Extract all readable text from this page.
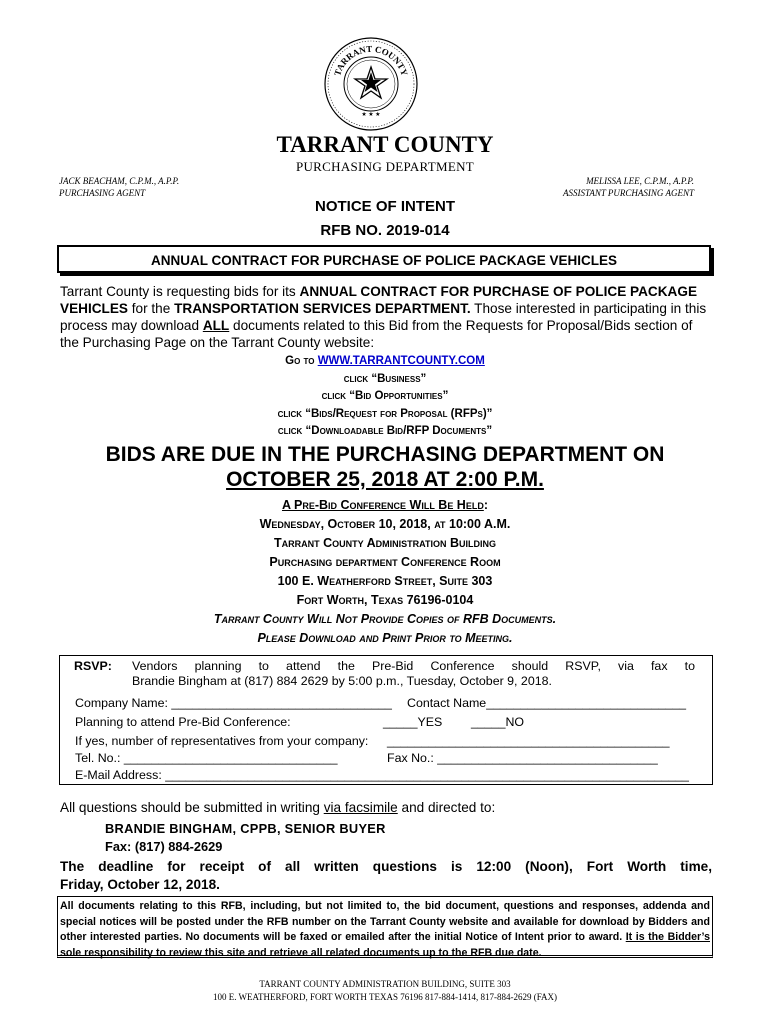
TARRANT COUNTY
★ ★ ★
TARRANT COUNTY
PURCHASING DEPARTMENT
JACK BEACHAM, C.P.M., A.P.P.
PURCHASING AGENT
MELISSA LEE, C.P.M., A.P.P.
ASSISTANT PURCHASING AGENT
NOTICE OF INTENT
RFB NO. 2019-014
ANNUAL CONTRACT FOR PURCHASE OF POLICE PACKAGE VEHICLES
Tarrant County is requesting bids for its ANNUAL CONTRACT FOR PURCHASE OF POLICE PACKAGE VEHICLES for the TRANSPORTATION SERVICES DEPARTMENT. Those interested in participating in this process may download ALL documents related to this Bid from the Requests for Proposal/Bids section of the Purchasing Page on the Tarrant County website:
Go to WWW.TARRANTCOUNTY.COM
click “Business”
click “Bid Opportunities”
click “Bids/Request for Proposal (RFPs)”
click “Downloadable Bid/RFP Documents”
BIDS ARE DUE IN THE PURCHASING DEPARTMENT ON
OCTOBER 25, 2018 AT 2:00 P.M.
A Pre-Bid Conference Will Be Held:
Wednesday, October 10, 2018, at 10:00 A.M.
Tarrant County Administration Building
Purchasing department Conference Room
100 E. Weatherford Street, Suite 303
Fort Worth, Texas 76196-0104
Tarrant County Will Not Provide Copies of RFB Documents.
Please Download and Print Prior to Meeting.
RSVP: Vendors planning to attend the Pre-Bid Conference should RSVP, via fax to
Brandie Bingham at (817) 884 2629 by 5:00 p.m., Tuesday, October 9, 2018.
Company Name: ________________________________ Contact Name_____________________________
Planning to attend Pre-Bid Conference:	_____YES _____NO
If yes, number of representatives from your company: _________________________________________
Tel. No.: _______________________________	Fax No.: ________________________________
E-Mail Address: ____________________________________________________________________________
All questions should be submitted in writing via facsimile and directed to:
BRANDIE BINGHAM, CPPB, SENIOR BUYER
Fax: (817) 884-2629
The deadline for receipt of all written questions is 12:00 (Noon), Fort Worth time,
Friday, October 12, 2018.
All documents relating to this RFB, including, but not limited to, the bid document, questions and responses, addenda and special notices will be posted under the RFB number on the Tarrant County website and available for download by Bidders and other interested parties. No documents will be faxed or emailed after the initial Notice of Intent prior to award. It is the Bidder’s sole responsibility to review this site and retrieve all related documents up to the RFB due date.
TARRANT COUNTY ADMINISTRATION BUILDING, SUITE 303
100 E. WEATHERFORD, FORT WORTH TEXAS 76196 817-884-1414, 817-884-2629 (FAX)
